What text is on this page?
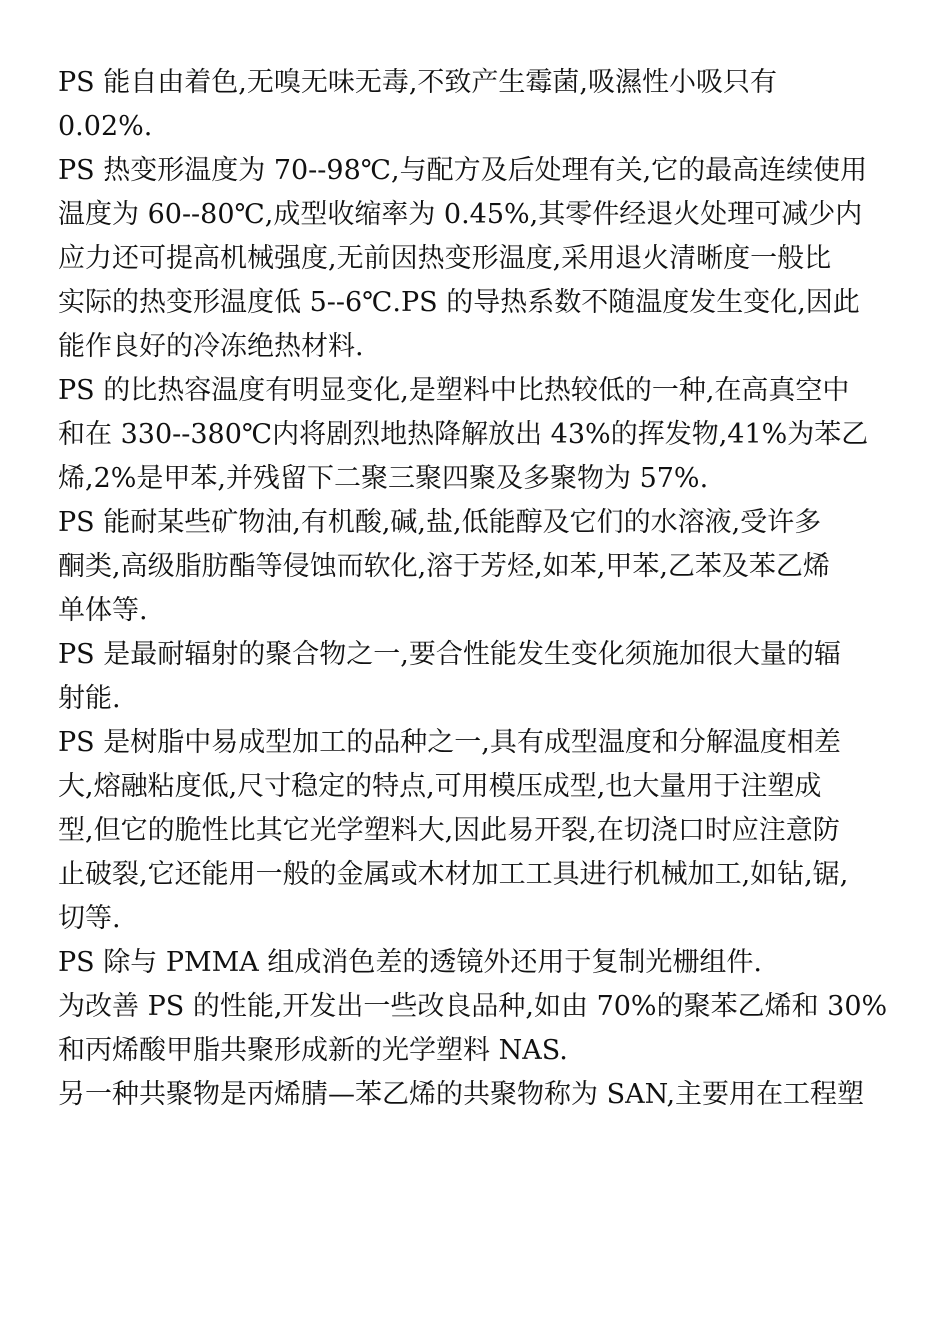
PS 能自由着色,无嗅无味无毒,不致产生霉菌,吸濕性小吸只有
0.02%.

PS 热变形温度为 70--98℃,与配方及后处理有关,它的最高连续使用
温度为 60--80℃,成型收缩率为 0.45%,其零件经退火处理可减少内
应力还可提高机械强度,无前因热变形温度,采用退火清晰度一般比
实际的热变形温度低 5--6℃.PS 的导热系数不随温度发生变化,因此
能作良好的冷冻绝热材料.

PS 的比热容温度有明显变化,是塑料中比热较低的一种,在高真空中
和在 330--380℃内将剧烈地热降解放出 43%的挥发物,41%为苯乙
烯,2%是甲苯,并残留下二聚三聚四聚及多聚物为 57%.

PS 能耐某些矿物油,有机酸,碱,盐,低能醇及它们的水溶液,受许多
酮类,高级脂肪酯等侵蚀而软化,溶于芳烃,如苯,甲苯,乙苯及苯乙烯
单体等.

PS 是最耐辐射的聚合物之一,要合性能发生变化须施加很大量的辐
射能.

PS 是树脂中易成型加工的品种之一,具有成型温度和分解温度相差
大,熔融粘度低,尺寸稳定的特点,可用模压成型,也大量用于注塑成
型,但它的脆性比其它光学塑料大,因此易开裂,在切浇口时应注意防
止破裂,它还能用一般的金属或木材加工工具进行机械加工,如钻,锯,
切等.

PS 除与 PMMA 组成消色差的透镜外还用于复制光栅组件.

为改善 PS 的性能,开发出一些改良品种,如由 70%的聚苯乙烯和 30%
和丙烯酸甲脂共聚形成新的光学塑料 NAS.

另一种共聚物是丙烯腈—苯乙烯的共聚物称为 SAN,主要用在工程塑
